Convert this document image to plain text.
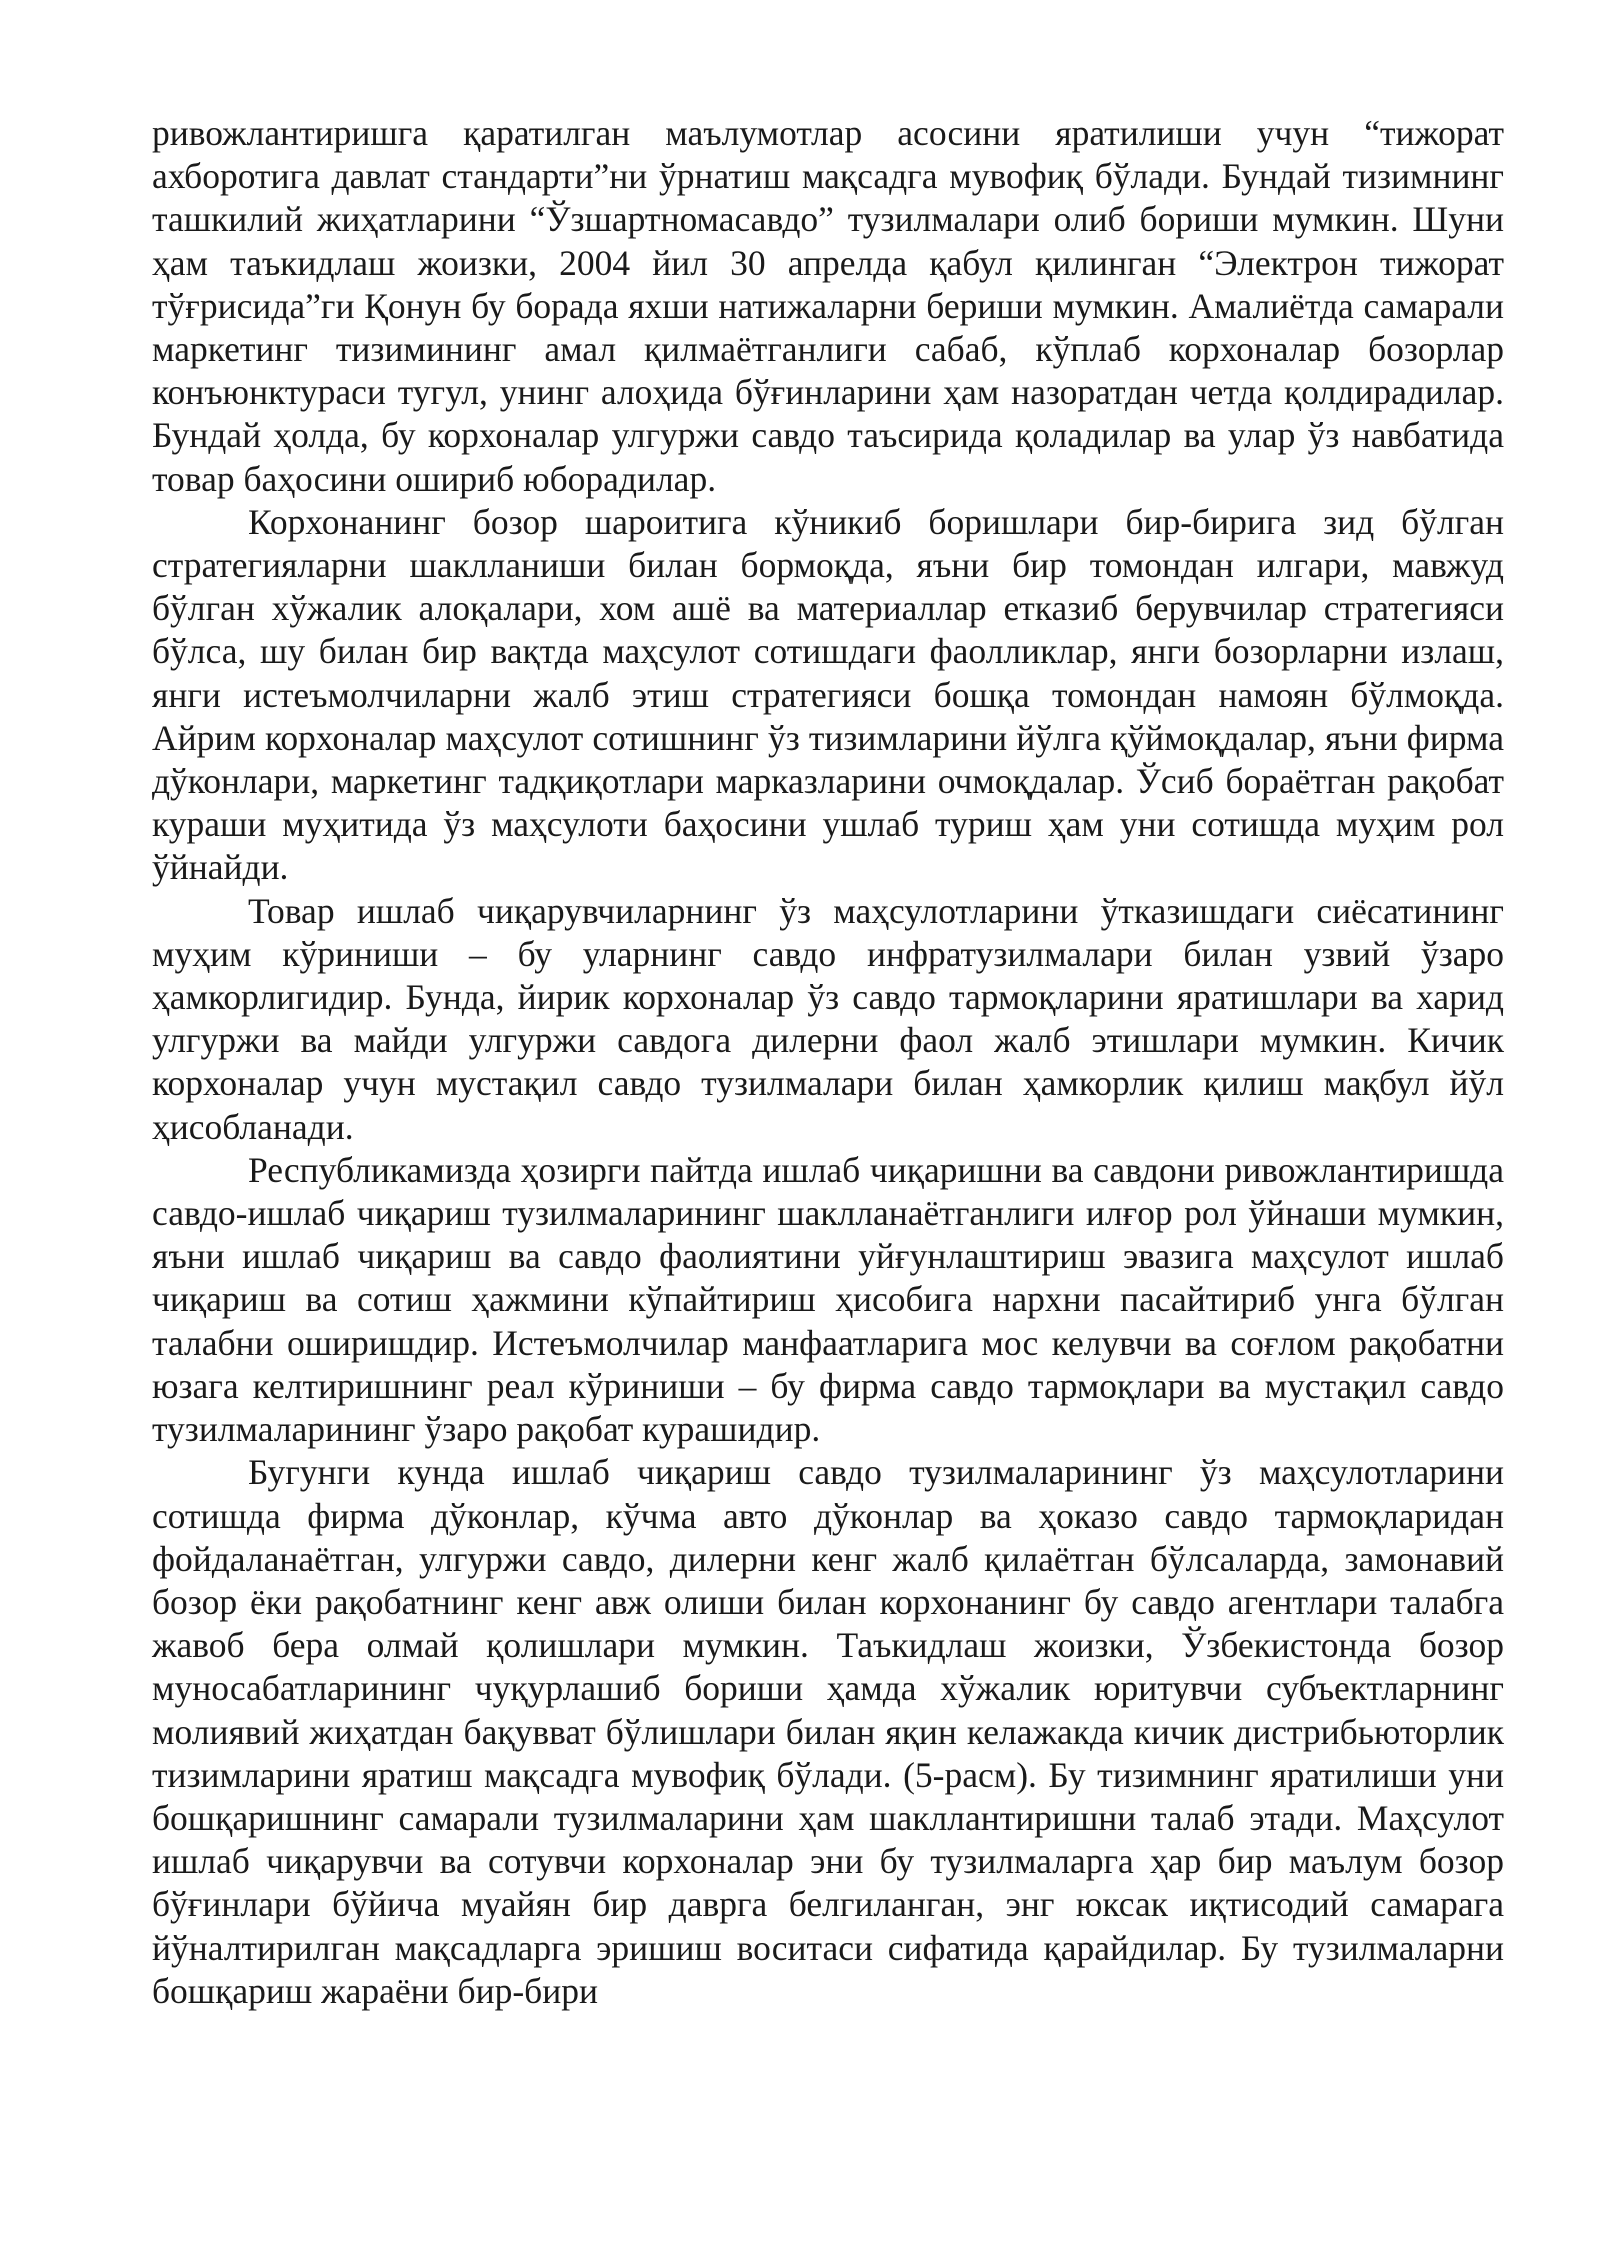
ривожлантиришга қаратилган маълумотлар асосини яратилиши учун “тижорат ахборотига давлат стандарти”ни ўрнатиш мақсадга мувофиқ бўлади. Бундай тизимнинг ташкилий жиҳатларини “Ўзшартномасавдо” тузилмалари олиб бориши мумкин. Шуни ҳам таъкидлаш жоизки, 2004 йил 30 апрелда қабул қилинган “Электрон тижорат тўғрисида”ги Қонун бу борада яхши натижаларни бериши мумкин. Амалиётда самарали маркетинг тизимининг амал қилмаётганлиги сабаб, кўплаб корхоналар бозорлар конъюнктураси тугул, унинг алоҳида бўғинларини ҳам назоратдан четда қолдирадилар. Бундай ҳолда, бу корхоналар улгуржи савдо таъсирида қоладилар ва улар ўз навбатида товар баҳосини ошириб юборадилар.

Корхонанинг бозор шароитига кўникиб боришлари бир-бирига зид бўлган стратегияларни шаклланиши билан бормоқда, яъни бир томондан илгари, мавжуд бўлган хўжалик алоқалари, хом ашё ва материаллар етказиб берувчилар стратегияси бўлса, шу билан бир вақтда маҳсулот сотишдаги фаолликлар, янги бозорларни излаш, янги истеъмолчиларни жалб этиш стратегияси бошқа томондан намоян бўлмоқда. Айрим корхоналар маҳсулот сотишнинг ўз тизимларини йўлга қўймоқдалар, яъни фирма дўконлари, маркетинг тадқиқотлари марказларини очмоқдалар. Ўсиб бораётган рақобат кураши муҳитида ўз маҳсулоти баҳосини ушлаб туриш ҳам уни сотишда муҳим рол ўйнайди.

Товар ишлаб чиқарувчиларнинг ўз маҳсулотларини ўтказишдаги сиёсатининг муҳим кўриниши – бу уларнинг савдо инфратузилмалари билан узвий ўзаро ҳамкорлигидир. Бунда, йирик корхоналар ўз савдо тармоқларини яратишлари ва харид улгуржи ва майди улгуржи савдога дилерни фаол жалб этишлари мумкин. Кичик корхоналар учун мустақил савдо тузилмалари билан ҳамкорлик қилиш мақбул йўл ҳисобланади.

Республикамизда ҳозирги пайтда ишлаб чиқаришни ва савдони ривожлантиришда савдо-ишлаб чиқариш тузилмаларининг шаклланаётганлиги илғор рол ўйнаши мумкин, яъни ишлаб чиқариш ва савдо фаолиятини уйғунлаштириш эвазига маҳсулот ишлаб чиқариш ва сотиш ҳажмини кўпайтириш ҳисобига нархни пасайтириб унга бўлган талабни оширишдир. Истеъмолчилар манфаатларига мос келувчи ва соғлом рақобатни юзага келтиришнинг реал кўриниши – бу фирма савдо тармоқлари ва мустақил савдо тузилмаларининг ўзаро рақобат курашидир.

Бугунги кунда ишлаб чиқариш савдо тузилмаларининг ўз маҳсулотларини сотишда фирма дўконлар, кўчма авто дўконлар ва ҳоказо савдо тармоқларидан фойдаланаётган, улгуржи савдо, дилерни кенг жалб қилаётган бўлсаларда, замонавий бозор ёки рақобатнинг кенг авж олиши билан корхонанинг бу савдо агентлари талабга жавоб бера олмай қолишлари мумкин. Таъкидлаш жоизки, Ўзбекистонда бозор муносабатларининг чуқурлашиб бориши ҳамда хўжалик юритувчи субъектларнинг молиявий жиҳатдан бақувват бўлишлари билан яқин келажакда кичик дистрибьюторлик тизимларини яратиш мақсадга мувофиқ бўлади. (5-расм). Бу тизимнинг яратилиши уни бошқаришнинг самарали тузилмаларини ҳам шакллантиришни талаб этади. Маҳсулот ишлаб чиқарувчи ва сотувчи корхоналар эни бу тузилмаларга ҳар бир маълум бозор бўғинлари бўйича муайян бир даврга белгиланган, энг юксак иқтисодий самарага йўналтирилган мақсадларга эришиш воситаси сифатида қарайдилар. Бу тузилмаларни бошқариш жараёни бир-бири
